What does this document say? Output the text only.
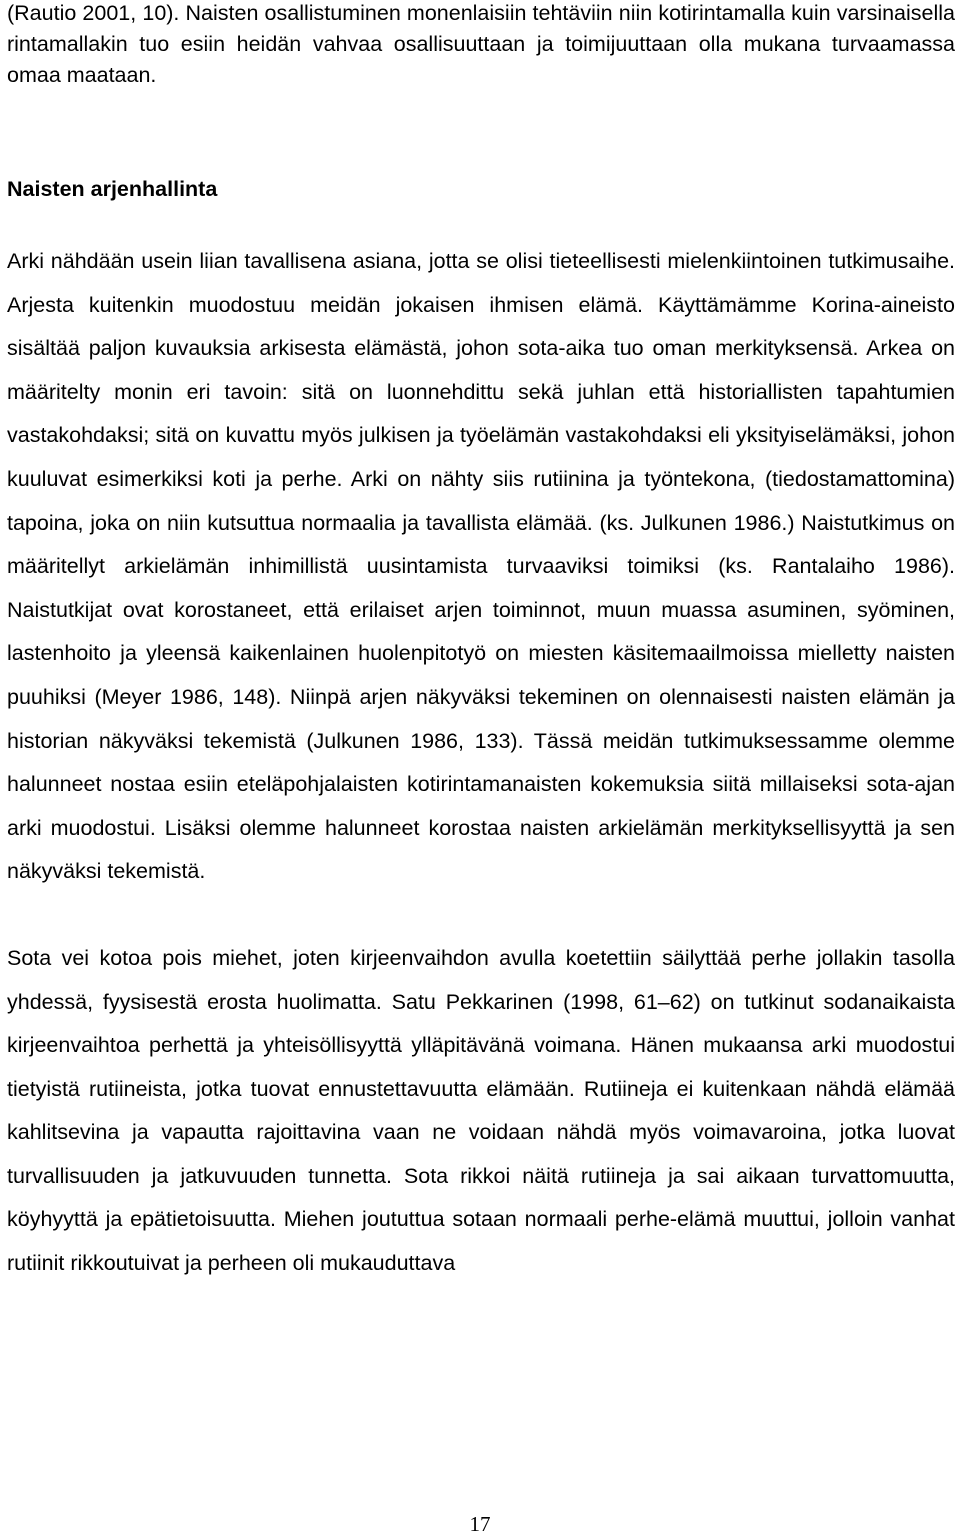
(Rautio 2001, 10). Naisten osallistuminen monenlaisiin tehtäviin niin kotirintamalla kuin varsinaisella rintamallakin tuo esiin heidän vahvaa osallisuuttaan ja toimijuuttaan olla mukana turvaamassa omaa maataan.

Naisten arjenhallinta

Arki nähdään usein liian tavallisena asiana, jotta se olisi tieteellisesti mielenkiintoinen tutkimusaihe. Arjesta kuitenkin muodostuu meidän jokaisen ihmisen elämä. Käyttämämme Korina-aineisto sisältää paljon kuvauksia arkisesta elämästä, johon sota-aika tuo oman merkityksensä. Arkea on määritelty monin eri tavoin: sitä on luonnehdittu sekä juhlan että historiallisten tapahtumien vastakohdaksi; sitä on kuvattu myös julkisen ja työelämän vastakohdaksi eli yksityiselämäksi, johon kuuluvat esimerkiksi koti ja perhe. Arki on nähty siis rutiinina ja työntekona, (tiedostamattomina) tapoina, joka on niin kutsuttua normaalia ja tavallista elämää. (ks. Julkunen 1986.) Naistutkimus on määritellyt arkielämän inhimillistä uusintamista turvaaviksi toimiksi (ks. Rantalaiho 1986). Naistutkijat ovat korostaneet, että erilaiset arjen toiminnot, muun muassa asuminen, syöminen, lastenhoito ja yleensä kaikenlainen huolenpitotyö on miesten käsitemaailmoissa mielletty naisten puuhiksi (Meyer 1986, 148). Niinpä arjen näkyväksi tekeminen on olennaisesti naisten elämän ja historian näkyväksi tekemistä (Julkunen 1986, 133). Tässä meidän tutkimuksessamme olemme halunneet nostaa esiin eteläpohjalaisten kotirintamanaisten kokemuksia siitä millaiseksi sota-ajan arki muodostui. Lisäksi olemme halunneet korostaa naisten arkielämän merkityksellisyyttä ja sen näkyväksi tekemistä.

Sota vei kotoa pois miehet, joten kirjeenvaihdon avulla koetettiin säilyttää perhe jollakin tasolla yhdessä, fyysisestä erosta huolimatta. Satu Pekkarinen (1998, 61–62) on tutkinut sodanaikaista kirjeenvaihtoa perhettä ja yhteisöllisyyttä ylläpitävänä voimana. Hänen mukaansa arki muodostui tietyistä rutiineista, jotka tuovat ennustettavuutta elämään. Rutiineja ei kuitenkaan nähdä elämää kahlitsevina ja vapautta rajoittavina vaan ne voidaan nähdä myös voimavaroina, jotka luovat turvallisuuden ja jatkuvuuden tunnetta. Sota rikkoi näitä rutiineja ja sai aikaan turvattomuutta, köyhyyttä ja epätietoisuutta. Miehen joututtua sotaan normaali perhe-elämä muuttui, jolloin vanhat rutiinit rikkoutuivat ja perheen oli mukauduttava

17
